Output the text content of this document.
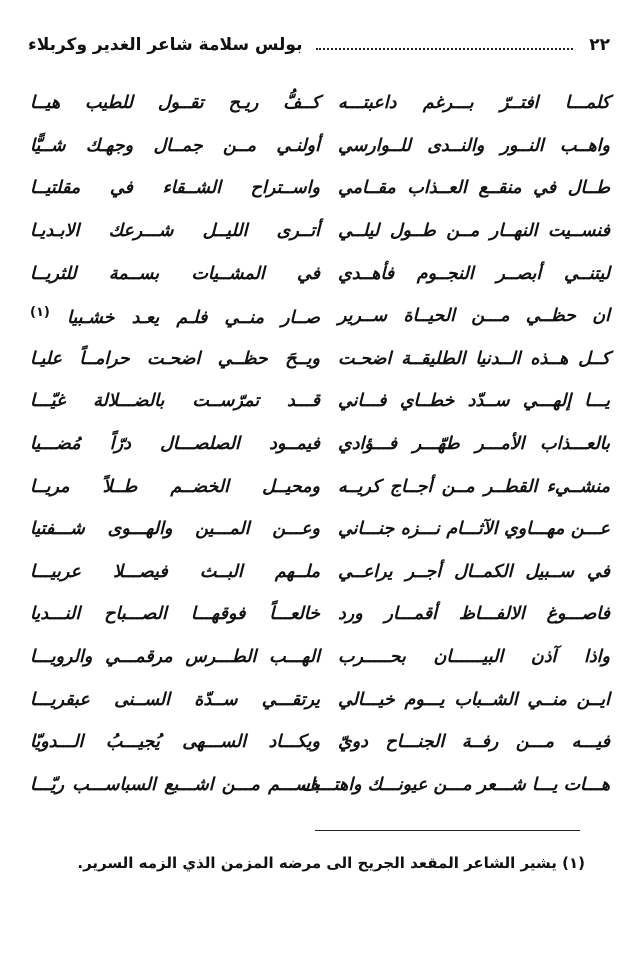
٢٢
بولس سلامة شاعر الغدير وكربلاء
كلمـــا افتــرّ بـــرغم داعبتـــه
كــفُّ ريـح تقــول للطيب هيــا
واهــب النــور والنــدى للــوارسي
أولنـي مــن جمــال وجهـك شــيًّا
طــال في منقــع العــذاب مقــامي
واســتراح الشــقاء في مقلتيــا
فنســيت النهــار مــن طــول ليلــي
أتــرى الليــل شـــرعك الابـديـا
ليتنــي أبصــر النجــوم فأهــدي
في المشــيات بســمة للثريــا
ان حظــي مـــن الحيــاة ســرير
صــار منــي فلـم يعـد خشـبيا $^{(١)}$
كــل هــذه الــدنيا الطليقــة اضحـت
ويــحَ حظــي اضحـت حرامــاً عليـا
يـــا إلهـــي ســدّد خطــاي فـــاني
قـــد تمرّســت بالضـــلالة غيّـــا
بالعـــذاب الأمـــر طهّـــر فـــؤادي
فيمــود الصلصـــال درّاً مُضـــيا
منشــيء القطــر مــن أجــاج كريــه
ومحيــل الخضــم طــلاً مريــا
عـــن مهـــاوي الآثـــام نـــزه جنـــاني
وعـــن المـــين والهـــوى شـــفتيا
في ســبيل الكمــال أجــر يراعــي
ملــهم البــث فيصـــلا عربيـــا
فاصـــوغ الالفـــاظ أقمـــار ورد
خالعـــاً فوقهـــا الصـــباح النـــديا
واذا آذن البيــــــان بحـــــرب
الهـــب الطـــرس مرقمـــي والرويـــا
ايــن منــي الشــباب يـــوم خيـــالي
يرتقـــي ســدّة الســنى عبقريـــا
فيـــه مـــن رفــة الجنـــاح دويّ
ويكـــاد الســـهى يُجيـــبُ الـــدويّا
هـــات يـــا شـــعر مـــن عيونـــك واهتـــف
باســـم مـــن اشـــبع السباســـب ريّـــا
(١) يشير الشاعر المقعد الجريح الى مرضه المزمن الذي الزمه السرير.
